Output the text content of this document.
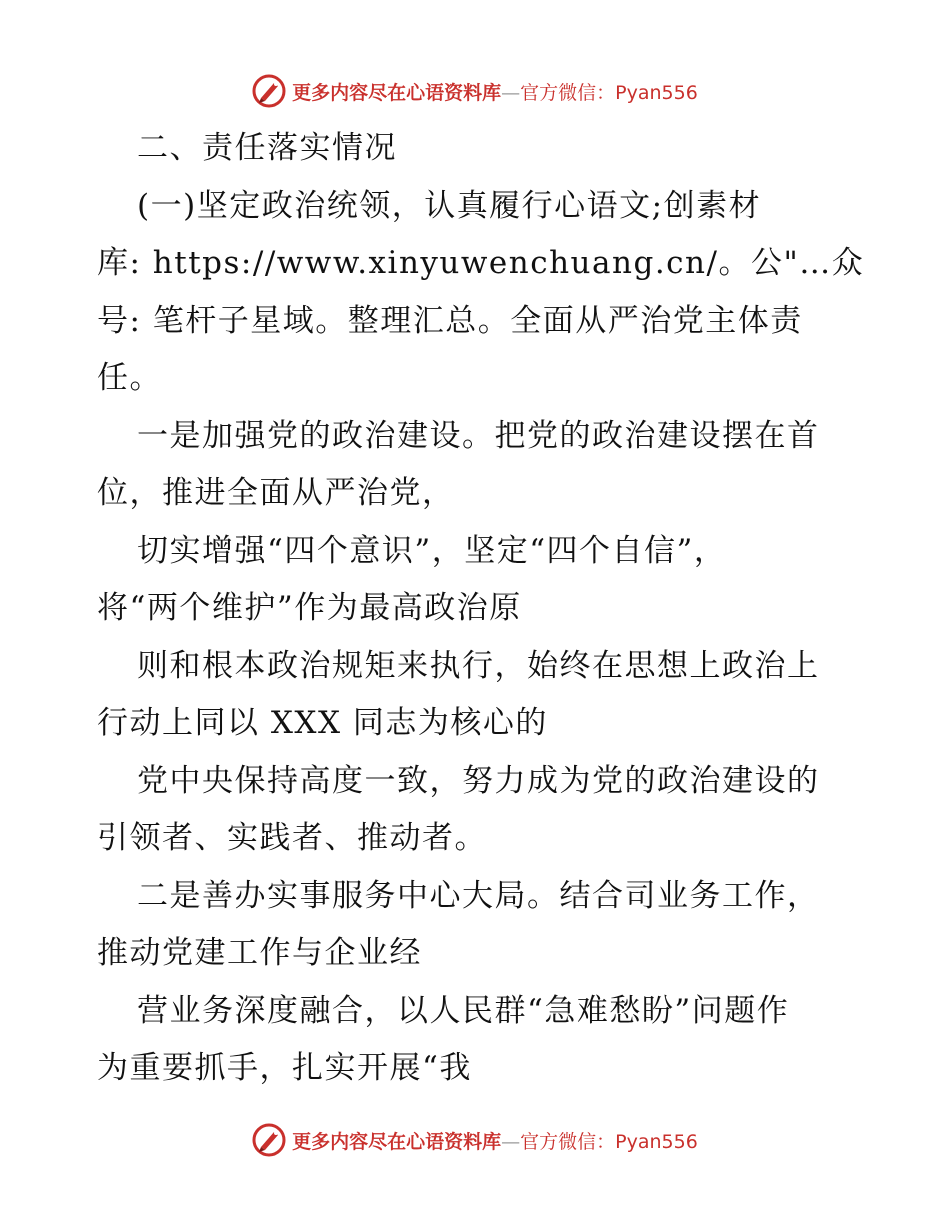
更多内容尽在心语资料库—官方微信：Pyan556
二、责任落实情况
(一)坚定政治统领，认真履行心语文;创素材
库: https://www.xinyuwenchuang.cn/。公"…众
号: 笔杆子星域。整理汇总。全面从严治党主体责
任。
一是加强党的政治建设。把党的政治建设摆在首
位，推进全面从严治党，
切实增强“四个意识”，坚定“四个自信”，
将“两个维护”作为最高政治原
则和根本政治规矩来执行，始终在思想上政治上
行动上同以 XXX 同志为核心的
党中央保持高度一致，努力成为党的政治建设的
引领者、实践者、推动者。
二是善办实事服务中心大局。结合司业务工作，
推动党建工作与企业经
营业务深度融合，以人民群“急难愁盼”问题作
为重要抓手，扎实开展“我
更多内容尽在心语资料库—官方微信：Pyan556
